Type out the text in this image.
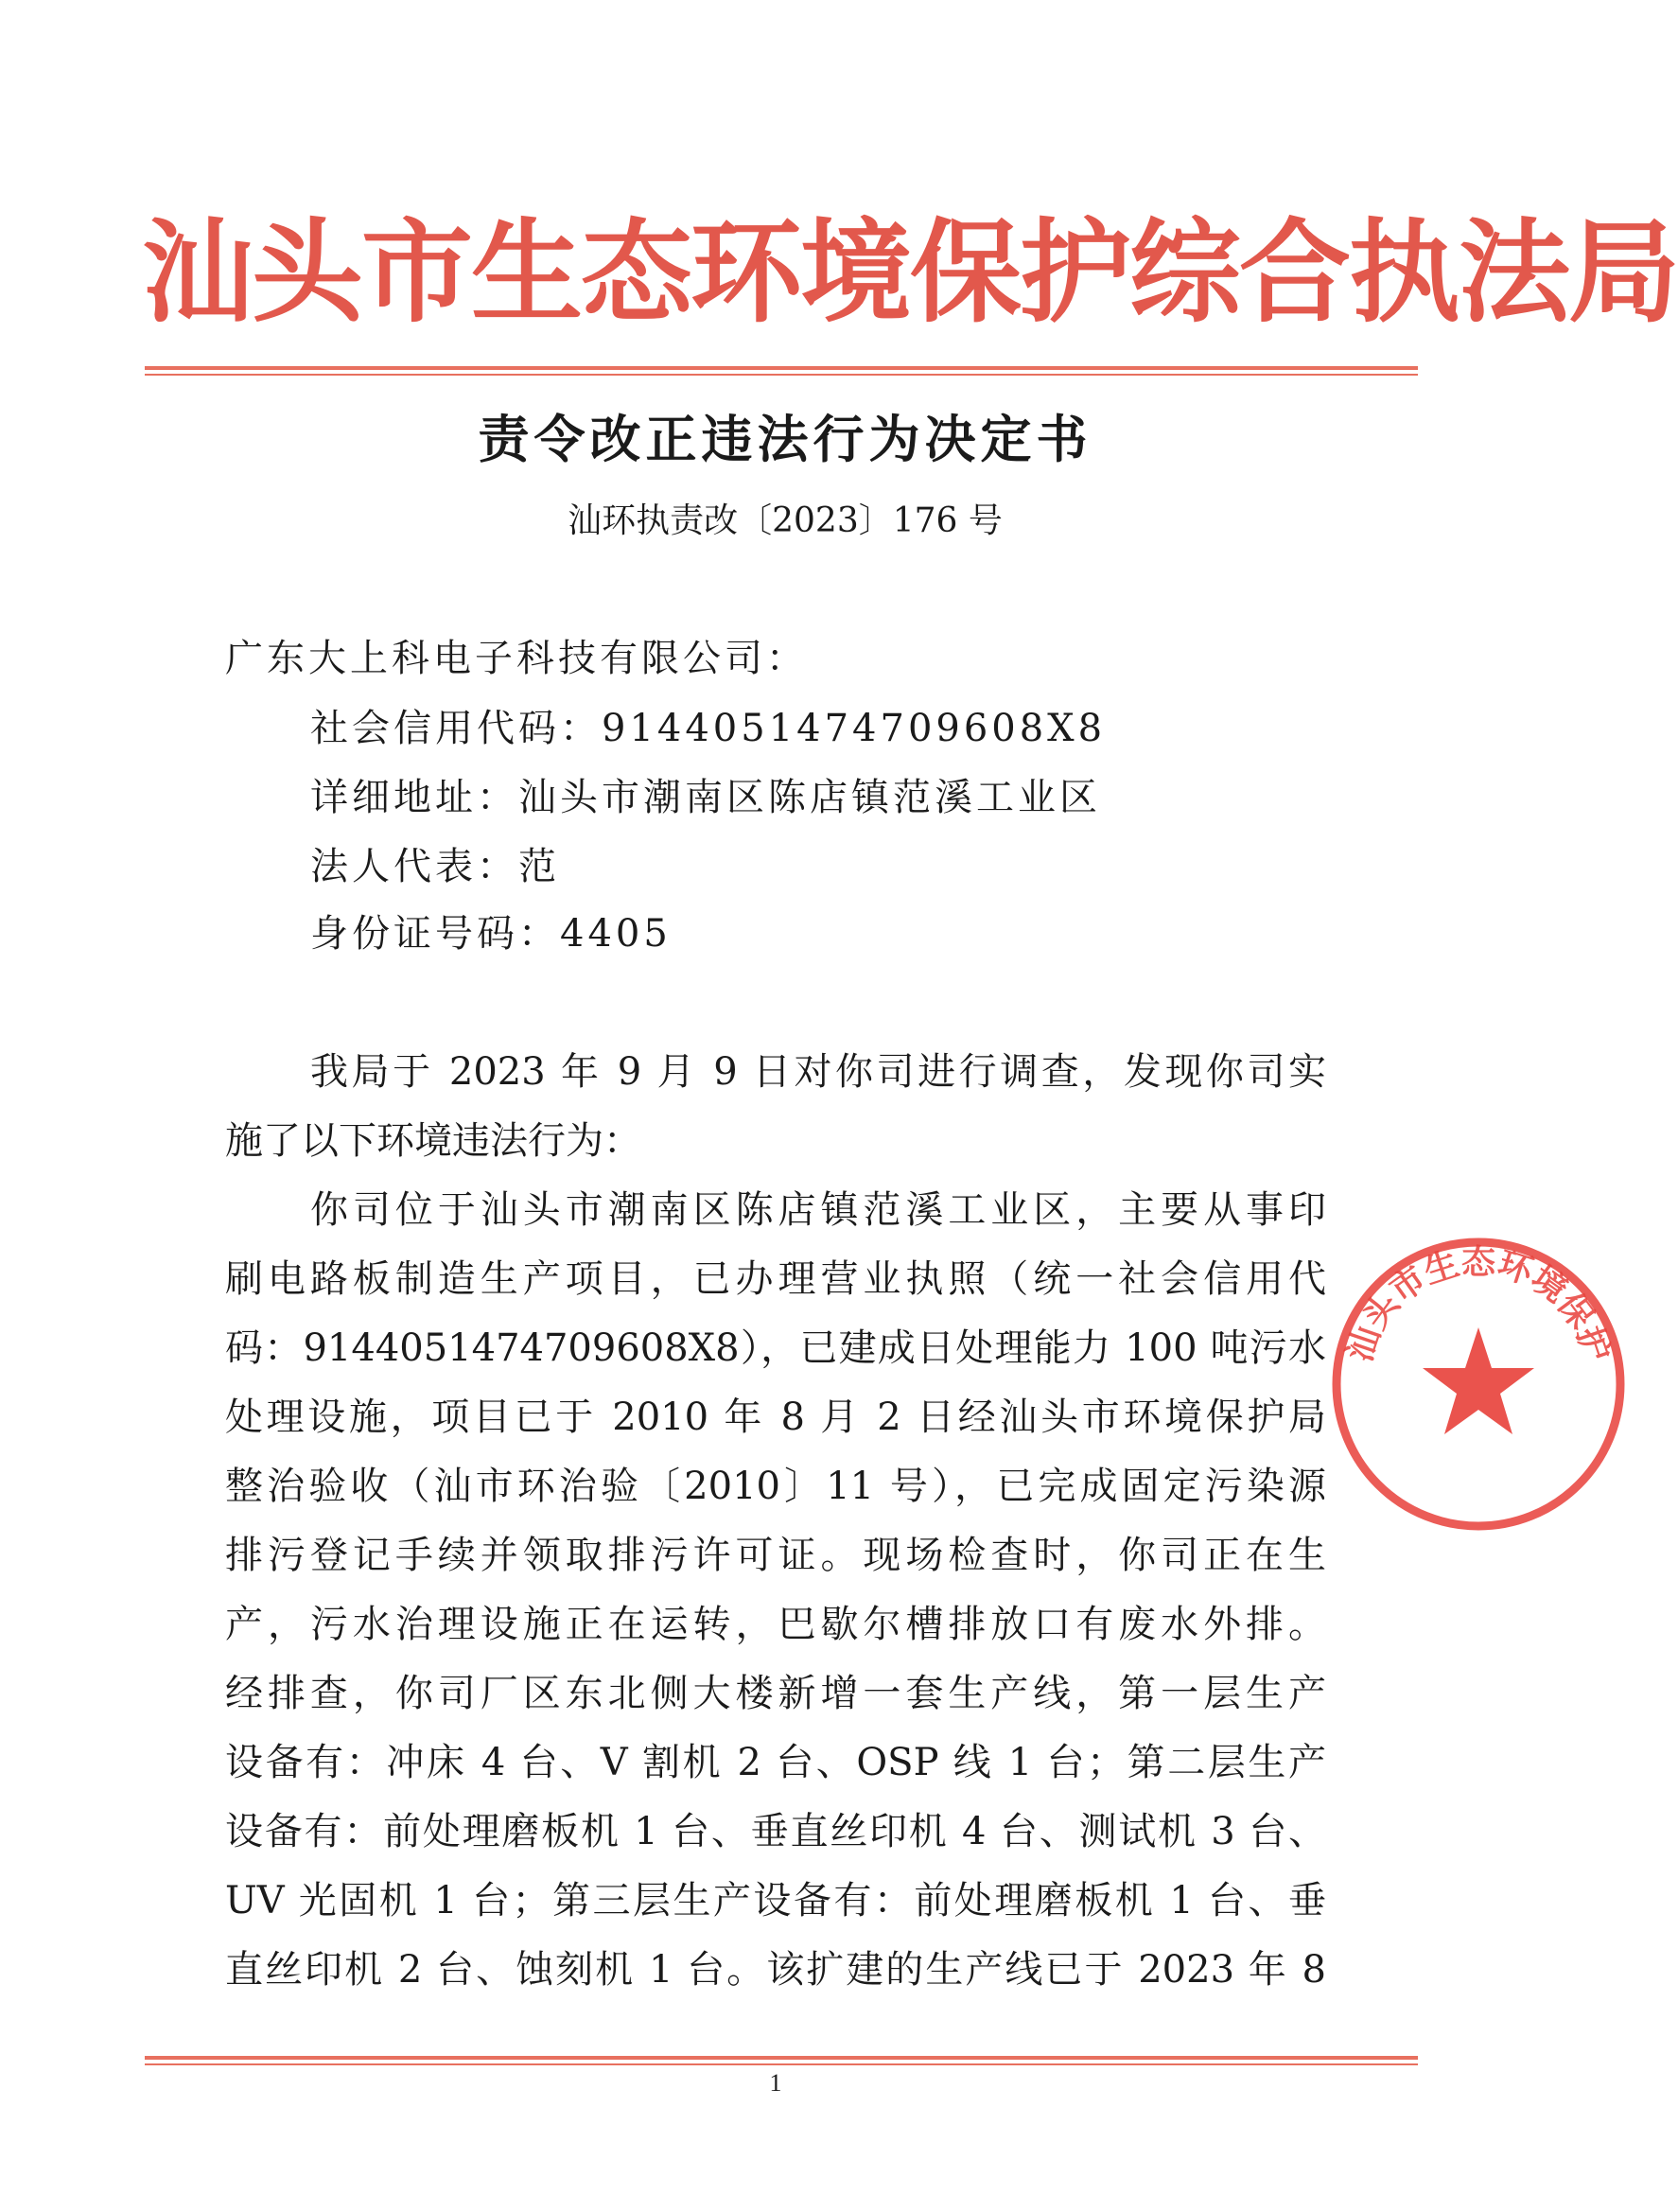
汕头市生态环境保护综合执法局
责令改正违法行为决定书
汕环执责改〔2023〕176 号
广东大上科电子科技有限公司：
社会信用代码：9144051474709608X8
详细地址：汕头市潮南区陈店镇范溪工业区
法人代表：范
身份证号码：4405
我局于 2023 年 9 月 9 日对你司进行调查，发现你司实
施了以下环境违法行为：
你司位于汕头市潮南区陈店镇范溪工业区，主要从事印
刷电路板制造生产项目，已办理营业执照（统一社会信用代
码：9144051474709608X8），已建成日处理能力 100 吨污水
处理设施，项目已于 2010 年 8 月 2 日经汕头市环境保护局
整治验收（汕市环治验〔2010〕11 号），已完成固定污染源
排污登记手续并领取排污许可证。现场检查时，你司正在生
产，污水治理设施正在运转，巴歇尔槽排放口有废水外排。
经排查，你司厂区东北侧大楼新增一套生产线，第一层生产
设备有：冲床 4 台、V 割机 2 台、OSP 线 1 台；第二层生产
设备有：前处理磨板机 1 台、垂直丝印机 4 台、测试机 3 台、
UV 光固机 1 台；第三层生产设备有：前处理磨板机 1 台、垂
直丝印机 2 台、蚀刻机 1 台。该扩建的生产线已于 2023 年 8
1
汕头市生态环境保护
